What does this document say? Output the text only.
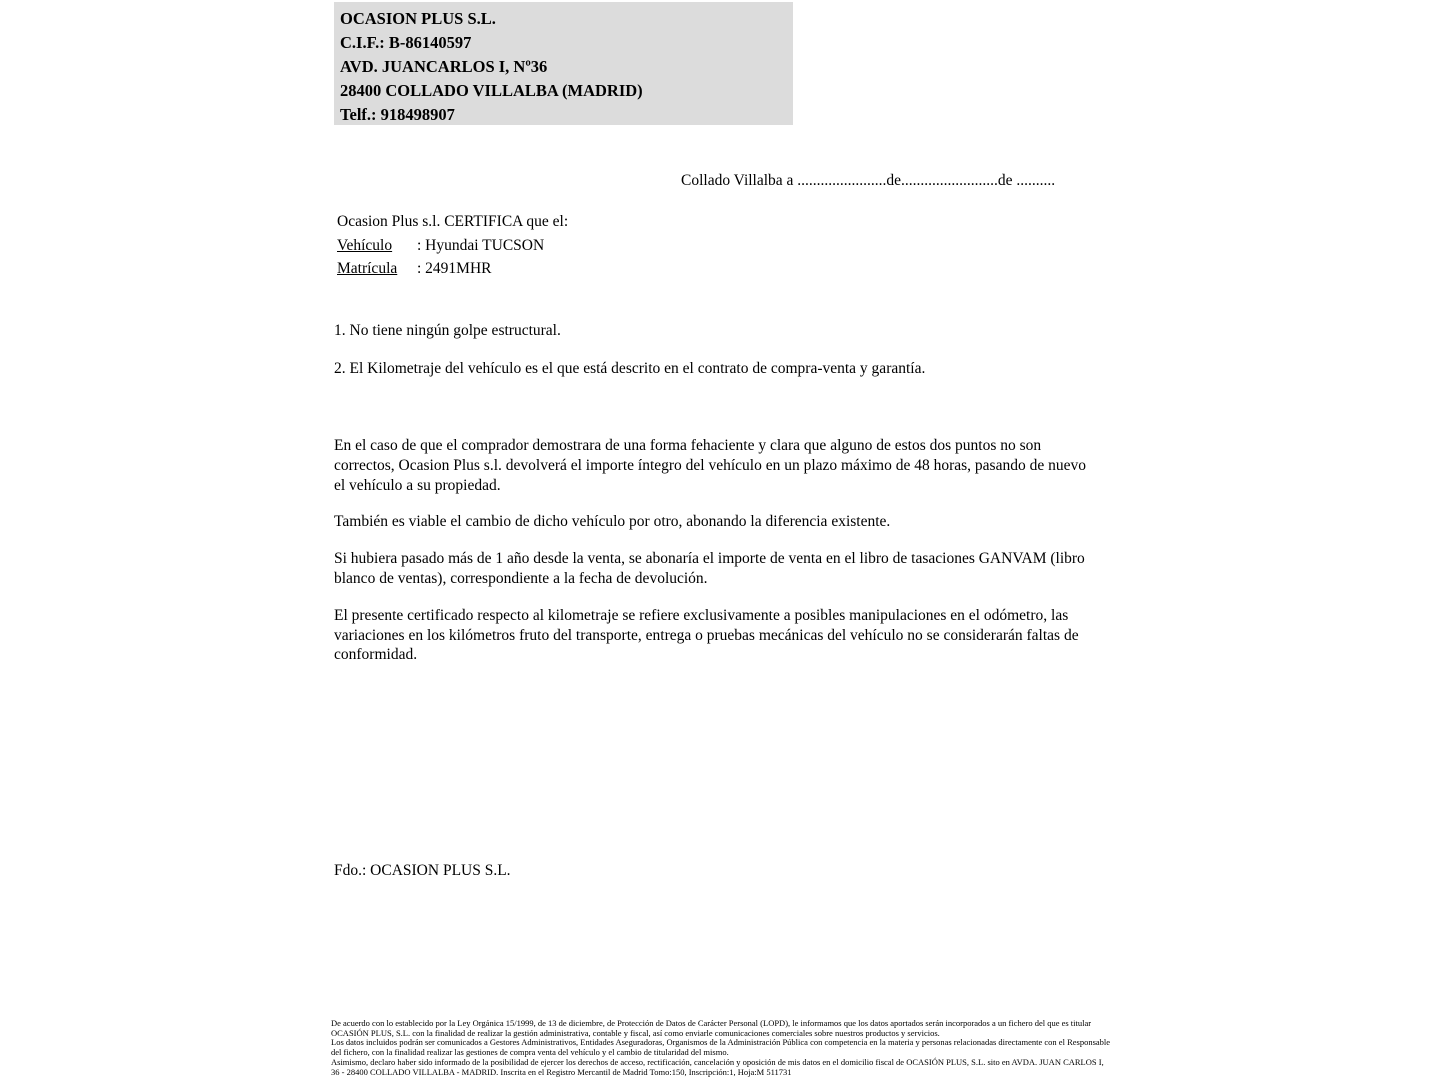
OCASION PLUS S.L.
C.I.F.: B-86140597
AVD. JUANCARLOS I, Nº36
28400 COLLADO VILLALBA (MADRID)
Telf.: 918498907
Collado Villalba a .......................de.........................de ..........
Ocasion Plus s.l. CERTIFICA que el:
Vehículo : Hyundai TUCSON
Matrícula : 2491MHR
1. No tiene ningún golpe estructural.
2. El Kilometraje del vehículo es el que está descrito en el contrato de compra-venta y garantía.

En el caso de que el comprador demostrara de una forma fehaciente y clara que alguno de estos dos puntos no son correctos, Ocasion Plus s.l. devolverá el importe íntegro del vehículo en un plazo máximo de 48 horas, pasando de nuevo el vehículo a su propiedad.

También es viable el cambio de dicho vehículo por otro, abonando la diferencia existente.

Si hubiera pasado más de 1 año desde la venta, se abonaría el importe de venta en el libro de tasaciones GANVAM (libro blanco de ventas), correspondiente a la fecha de devolución.

El presente certificado respecto al kilometraje se refiere exclusivamente a posibles manipulaciones en el odómetro, las variaciones en los kilómetros fruto del transporte, entrega o pruebas mecánicas del vehículo no se considerarán faltas de conformidad.

Fdo.: OCASION PLUS S.L.

De acuerdo con lo establecido por la Ley Orgánica 15/1999, de 13 de diciembre, de Protección de Datos de Carácter Personal (LOPD), le informamos que los datos aportados serán incorporados a un fichero del que es titular OCASIÓN PLUS, S.L. con la finalidad de realizar la gestión administrativa, contable y fiscal, así como enviarle comunicaciones comerciales sobre nuestros productos y servicios.

Los datos incluidos podrán ser comunicados a Gestores Administrativos, Entidades Aseguradoras, Organismos de la Administración Pública con competencia en la materia y personas relacionadas directamente con el Responsable del fichero, con la finalidad realizar las gestiones de compra venta del vehículo y el cambio de titularidad del mismo.

Asimismo, declaro haber sido informado de la posibilidad de ejercer los derechos de acceso, rectificación, cancelación y oposición de mis datos en el domicilio fiscal de OCASIÓN PLUS, S.L. sito en AVDA. JUAN CARLOS I, 36 - 28400 COLLADO VILLALBA - MADRID. Inscrita en el Registro Mercantil de Madrid Tomo:150, Inscripción:1, Hoja:M 511731
